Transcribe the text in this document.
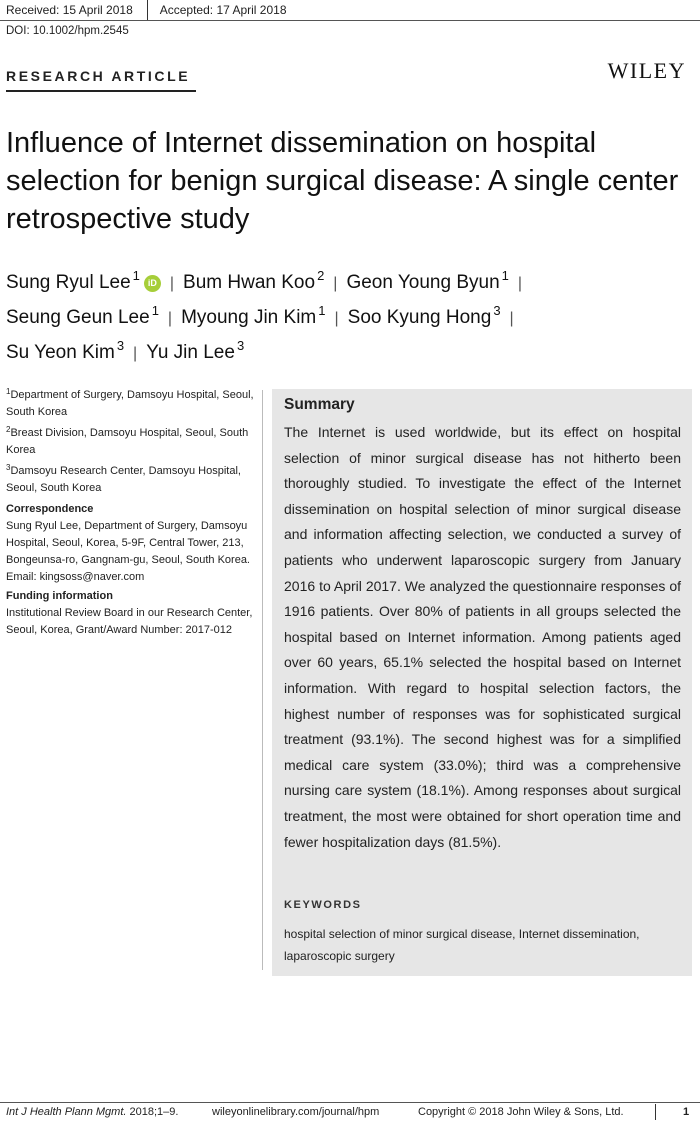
Received: 15 April 2018	Accepted: 17 April 2018
DOI: 10.1002/hpm.2545
RESEARCH ARTICLE	WILEY
Influence of Internet dissemination on hospital selection for benign surgical disease: A single center retrospective study
Sung Ryul Lee $^1$ iD | Bum Hwan Koo $^2$ | Geon Young Byun $^1$ |
Seung Geun Lee $^1$ | Myoung Jin Kim $^1$ | Soo Kyung Hong $^3$ |
Su Yeon Kim $^3$ | Yu Jin Lee $^3$
$^1$Department of Surgery, Damsoyu Hospital, Seoul, South Korea
$^2$Breast Division, Damsoyu Hospital, Seoul, South Korea
$^3$Damsoyu Research Center, Damsoyu Hospital, Seoul, South Korea
Correspondence
Sung Ryul Lee, Department of Surgery, Damsoyu Hospital, Seoul, Korea, 5-9F, Central Tower, 213, Bongeunsa-ro, Gangnam-gu, Seoul, South Korea.
Email: kingsoss@naver.com
Funding information
Institutional Review Board in our Research Center, Seoul, Korea, Grant/Award Number: 2017-012
Summary
The Internet is used worldwide, but its effect on hospital selection of minor surgical disease has not hitherto been thoroughly studied. To investigate the effect of the Internet dissemination on hospital selection of minor surgical disease and information affecting selection, we conducted a survey of patients who underwent laparoscopic surgery from January 2016 to April 2017. We analyzed the questionnaire responses of 1916 patients. Over 80% of patients in all groups selected the hospital based on Internet information. Among patients aged over 60 years, 65.1% selected the hospital based on Internet information. With regard to hospital selection factors, the highest number of responses was for sophisticated surgical treatment (93.1%). The second highest was for a simplified medical care system (33.0%); third was a comprehensive nursing care system (18.1%). Among responses about surgical treatment, the most were obtained for short operation time and fewer hospitalization days (81.5%).
KEYWORDS
hospital selection of minor surgical disease, Internet dissemination, laparoscopic surgery
Int J Health Plann Mgmt. 2018;1–9.	wileyonlinelibrary.com/journal/hpm	Copyright © 2018 John Wiley & Sons, Ltd.	1
